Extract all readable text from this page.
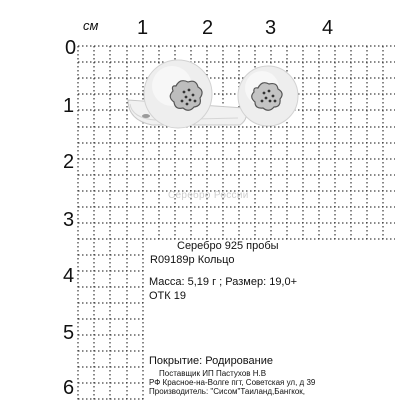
см
0
1	2	3 4
1
2
3
4
5
6
Серебро России
Серебро 925 пробы
R09189р Кольцо
Масса: 5,19 г ; Размер: 19,0+
ОТК 19
Покрытие: Родирование
Поставщик ИП Пастухов Н.В
РФ Красное-на-Волге пгт, Советская ул, д 39
Производитель: "Сисом"Таиланд,Бангкок,
